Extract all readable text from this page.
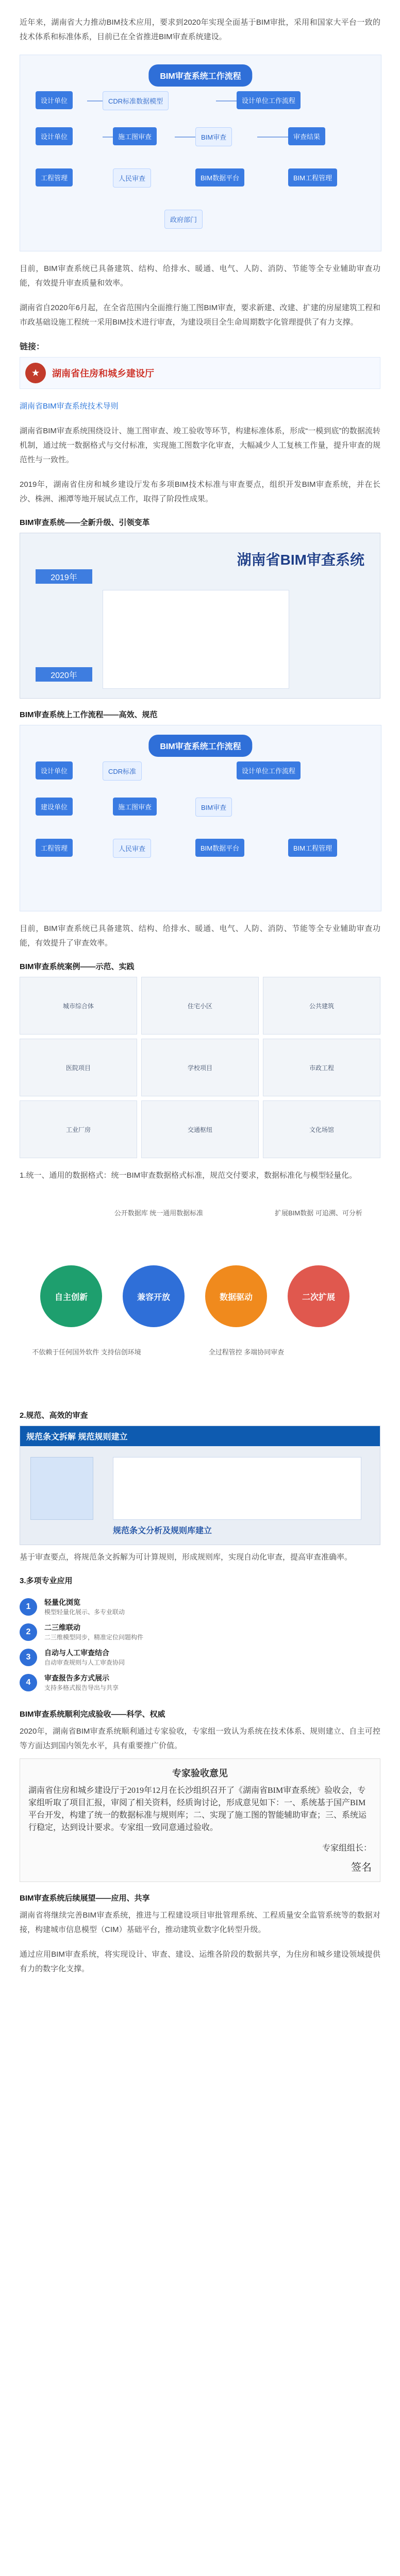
近年来，湖南省大力推动BIM技术应用，要求到2020年实现全面基于BIM审批，采用和国家大平台一致的技术体系和标准体系，目前已在全省推进BIM审查系统建设。

BIM审查系统工作流程
设计单位	CDR标准数据模型	设计单位工作流程
设计单位	施工图审查	BIM审查	审查结果
工程管理	人民审查	BIM数据平台	BIM工程管理
政府部门

目前，BIM审查系统已具备建筑、结构、给排水、暖通、电气、人防、消防、节能等全专业辅助审查功能，有效提升审查质量和效率。

湖南省自2020年6月起，在全省范围内全面推行施工图BIM审查，要求新建、改建、扩建的房屋建筑工程和市政基础设施工程统一采用BIM技术进行审查，为建设项目全生命周期数字化管理提供了有力支撑。

链接：
★	湖南省住房和城乡建设厅

湖南省BIM审查系统技术导则

湖南省BIM审查系统围绕设计、施工图审查、竣工验收等环节，构建标准体系，形成“一模到底”的数据流转机制，通过统一数据格式与交付标准，实现施工图数字化审查，大幅减少人工复核工作量，提升审查的规范性与一致性。

2019年，湖南省住房和城乡建设厅发布多项BIM技术标准与审查要点，组织开发BIM审查系统，并在长沙、株洲、湘潭等地开展试点工作，取得了阶段性成果。

BIM审查系统——全新升级、引领变革
湖南省BIM审查系统
2019年
2020年
BIM审查系统上工作流程——高效、规范
BIM审查系统工作流程
设计单位	CDR标准	设计单位工作流程
建设单位	施工图审查	BIM审查
工程管理	人民审查	BIM数据平台	BIM工程管理

目前，BIM审查系统已具备建筑、结构、给排水、暖通、电气、人防、消防、节能等全专业辅助审查功能，有效提升了审查效率。

BIM审查系统案例——示范、实践
城市综合体	住宅小区	公共建筑
医院项目	学校项目	市政工程
工业厂房	交通枢纽	文化场馆

1.统一、通用的数据格式：统一BIM审查数据格式标准，规范交付要求，数据标准化与模型轻量化。

自主创新	兼容开放	数据驱动	二次扩展
公开数据库 统一通用数据标准	扩展BIM数据 可追溯、可分析
不依赖于任何国外软件 支持信创环境	全过程管控 多端协同审查
2.规范、高效的审查
规范条文拆解 规范规则建立
规范条文分析及规则库建立

基于审查要点，将规范条文拆解为可计算规则，形成规则库，实现自动化审查，提高审查准确率。

3.多项专业应用
1	轻量化浏览
模型轻量化展示、多专业联动
2	二三维联动
二三维模型同步，精准定位问题构件
3	自动与人工审查结合
自动审查规则与人工审查协同
4	审查报告多方式展示
支持多格式报告导出与共享
BIM审查系统顺利完成验收——科学、权威

2020年，湖南省BIM审查系统顺利通过专家验收，专家组一致认为系统在技术体系、规则建立、自主可控等方面达到国内领先水平，具有重要推广价值。

专家验收意见
湖南省住房和城乡建设厅于2019年12月在长沙组织召开了《湖南省BIM审查系统》验收会，专家组听取了项目汇报，审阅了相关资料，经质询讨论，形成意见如下：一、系统基于国产BIM平台开发，构建了统一的数据标准与规则库；二、实现了施工图的智能辅助审查；三、系统运行稳定，达到设计要求。专家组一致同意通过验收。
专家组组长：
签名
BIM审查系统后续展望——应用、共享

湖南省将继续完善BIM审查系统，推进与工程建设项目审批管理系统、工程质量安全监管系统等的数据对接，构建城市信息模型（CIM）基础平台，推动建筑业数字化转型升级。

通过应用BIM审查系统，将实现设计、审查、建设、运维各阶段的数据共享，为住房和城乡建设领域提供有力的数字化支撑。
